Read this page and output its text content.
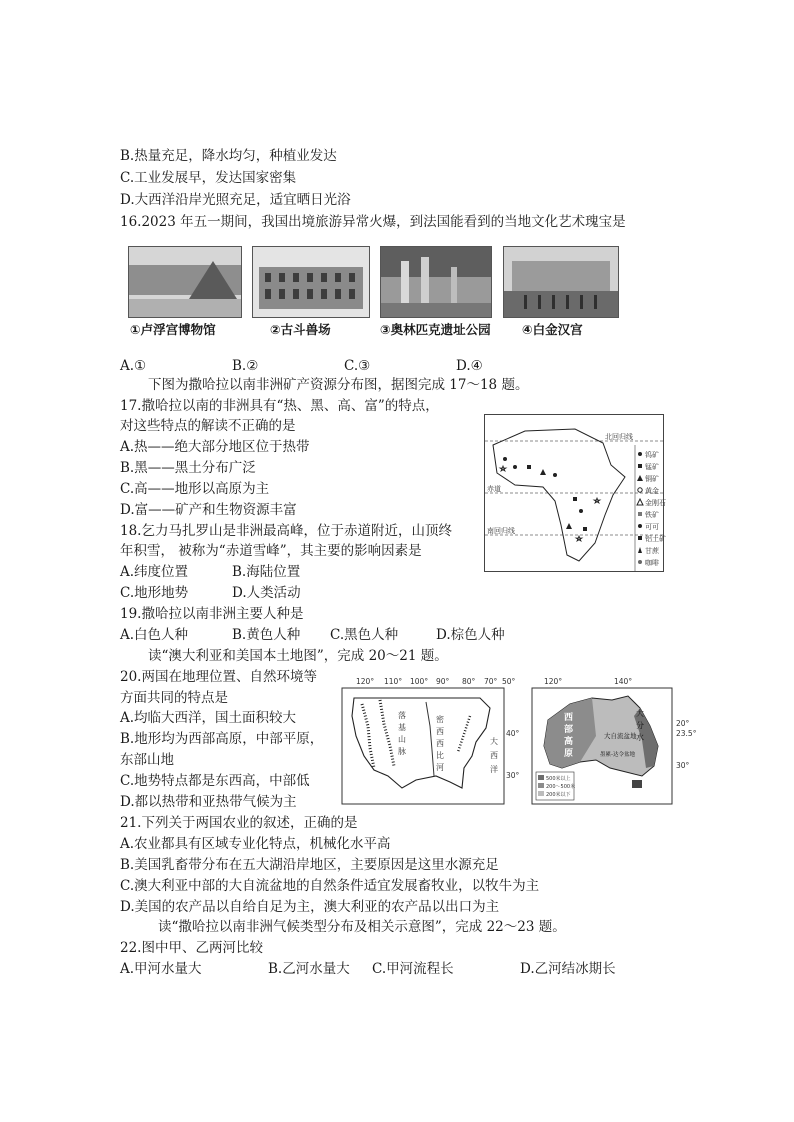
B.热量充足，降水均匀，种植业发达
C.工业发展早，发达国家密集
D.大西洋沿岸光照充足，适宜晒日光浴
16.2023 年五一期间，我国出境旅游异常火爆，到法国能看到的当地文化艺术瑰宝是
①卢浮宫博物馆	②古斗兽场	③奥林匹克遗址公园	④白金汉宫
A.①	B.②	C.③	D.④
下图为撒哈拉以南非洲矿产资源分布图，据图完成 17～18 题。
17.撒哈拉以南的非洲具有“热、黑、高、富”的特点，
对这些特点的解读不正确的是
A.热——绝大部分地区位于热带
B.黑——黑土分布广泛
C.高——地形以高原为主
D.富——矿产和生物资源丰富
北回归线
赤道
南回归线
钨矿
锰矿
铜矿
黄金
金刚石
铁矿
可可
铝土矿
甘蔗
咖啡
18.乞力马扎罗山是非洲最高峰，位于赤道附近，山顶终
年积雪， 被称为“赤道雪峰”，其主要的影响因素是
A.纬度位置	B.海陆位置
C.地形地势	D.人类活动
19.撒哈拉以南非洲主要人种是
A.白色人种	B.黄色人种 C.黑色人种	D.棕色人种
读“澳大利亚和美国本土地图”，完成 20～21 题。
20.两国在地理位置、自然环境等
方面共同的特点是
A.均临大西洋，国土面积较大
B.地形均为西部高原，中部平原，
东部山地
C.地势特点都是东西高，中部低
D.都以热带和亚热带气候为主
120° 110° 100° 90° 80° 70° 50°
40°
30°
落
基
山
脉
密
西
西
比
河
大
西
洋
120°	140°
20°
23.5°
30°
西
部
高
原
大
分
水
大自流盆地
墨累-达令盆地
500米以上
200～500米
200米以下
21.下列关于两国农业的叙述，正确的是
A.农业都具有区域专业化特点，机械化水平高
B.美国乳畜带分布在五大湖沿岸地区，主要原因是这里水源充足
C.澳大利亚中部的大自流盆地的自然条件适宜发展畜牧业，以牧牛为主
D.美国的农产品以自给自足为主，澳大利亚的农产品以出口为主
读“撒哈拉以南非洲气候类型分布及相关示意图”，完成 22～23 题。
22.图中甲、乙两河比较
A.甲河水量大	B.乙河水量大 C.甲河流程长	D.乙河结冰期长
